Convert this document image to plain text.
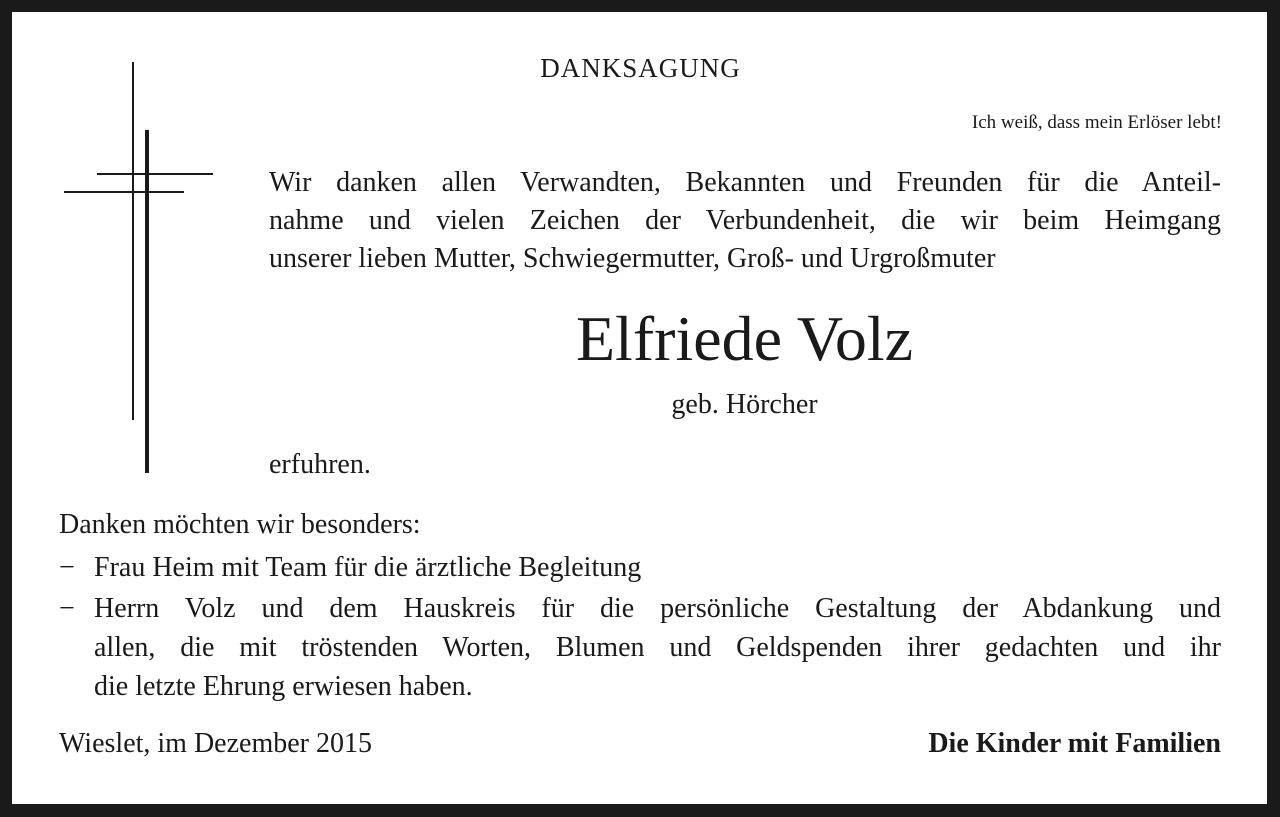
DANKSAGUNG
Ich weiß, dass mein Erlöser lebt!
Wir danken allen Verwandten, Bekannten und Freunden für die Anteil-
nahme und vielen Zeichen der Verbundenheit, die wir beim Heimgang
unserer lieben Mutter, Schwiegermutter, Groß- und Urgroßmuter
Elfriede Volz
geb. Hörcher
erfuhren.
Danken möchten wir besonders:
− Frau Heim mit Team für die ärztliche Begleitung
− Herrn Volz und dem Hauskreis für die persönliche Gestaltung der Abdankung und
allen, die mit tröstenden Worten, Blumen und Geldspenden ihrer gedachten und ihr
die letzte Ehrung erwiesen haben.
Wieslet, im Dezember 2015	Die Kinder mit Familien
